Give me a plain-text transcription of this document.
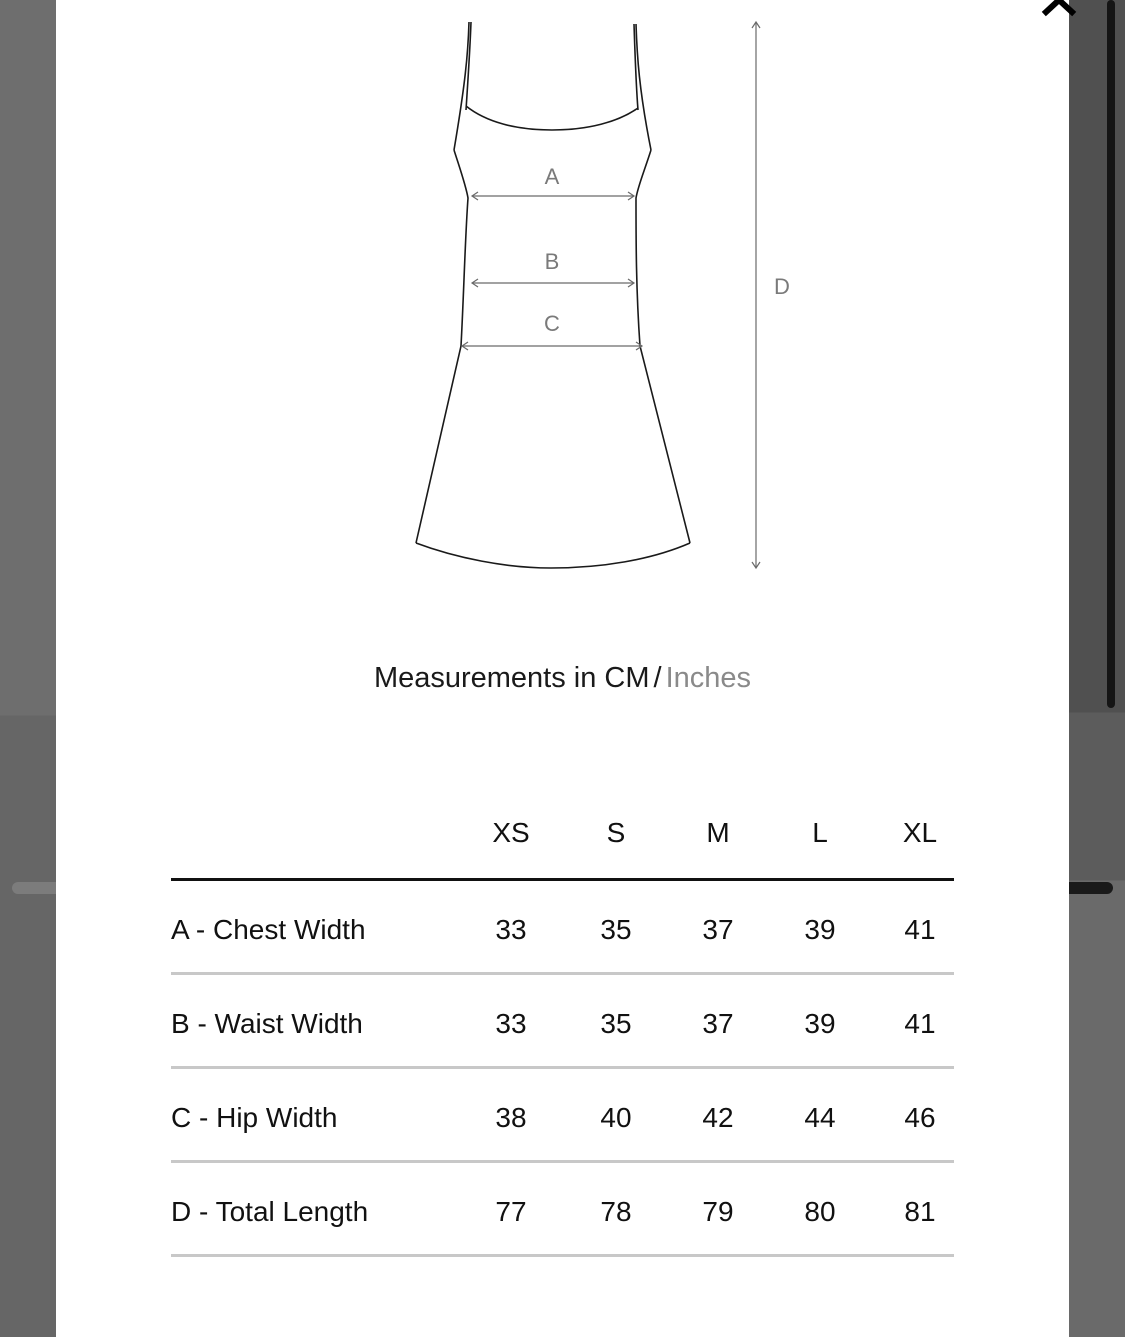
A
B
C
D
Measurements in CM / Inches
XS	S	M	L	XL
A - Chest Width	33	35	37	39	41
B - Waist Width	33	35	37	39	41
C - Hip Width	38	40	42	44	46
D - Total Length	77	78	79	80	81
